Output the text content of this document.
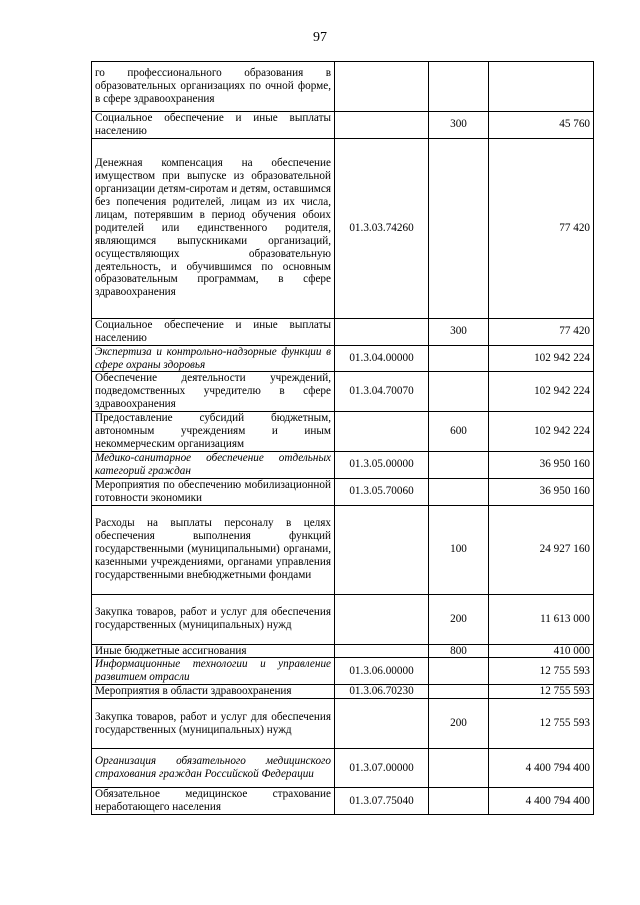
97
го профессионального образования в образовательных организациях по очной форме, в сфере здравоохранения			
Социальное обеспечение и иные выплаты населению		300	45 760
Денежная компенсация на обеспечение имуществом при выпуске из образовательной организации детям-сиротам и детям, оставшимся без попечения родителей, лицам из их числа, лицам, потерявшим в период обучения обоих родителей или единственного родителя, являющимся выпускниками организаций, осуществляющих образовательную деятельность, и обучившимся по основным образовательным программам, в сфере здравоохранения	01.3.03.74260		77 420
Социальное обеспечение и иные выплаты населению		300	77 420
Экспертиза и контрольно-надзорные функции в сфере охраны здоровья	01.3.04.00000		102 942 224
Обеспечение деятельности учреждений, подведомственных учредителю в сфере здравоохранения	01.3.04.70070		102 942 224
Предоставление субсидий бюджетным, автономным учреждениям и иным некоммерческим организациям		600	102 942 224
Медико-санитарное обеспечение отдельных категорий граждан	01.3.05.00000		36 950 160
Мероприятия по обеспечению мобилизационной готовности экономики	01.3.05.70060		36 950 160
Расходы на выплаты персоналу в целях обеспечения выполнения функций государственными (муниципальными) органами, казенными учреждениями, органами управления государственными внебюджетными фондами		100	24 927 160
Закупка товаров, работ и услуг для обеспечения государственных (муниципальных) нужд		200	11 613 000
Иные бюджетные ассигнования		800	410 000
Информационные технологии и управление развитием отрасли	01.3.06.00000		12 755 593
Мероприятия в области здравоохранения	01.3.06.70230		12 755 593
Закупка товаров, работ и услуг для обеспечения государственных (муниципальных) нужд		200	12 755 593
Организация обязательного медицинского страхования граждан Российской Федерации	01.3.07.00000		4 400 794 400
Обязательное медицинское страхование неработающего населения	01.3.07.75040		4 400 794 400
